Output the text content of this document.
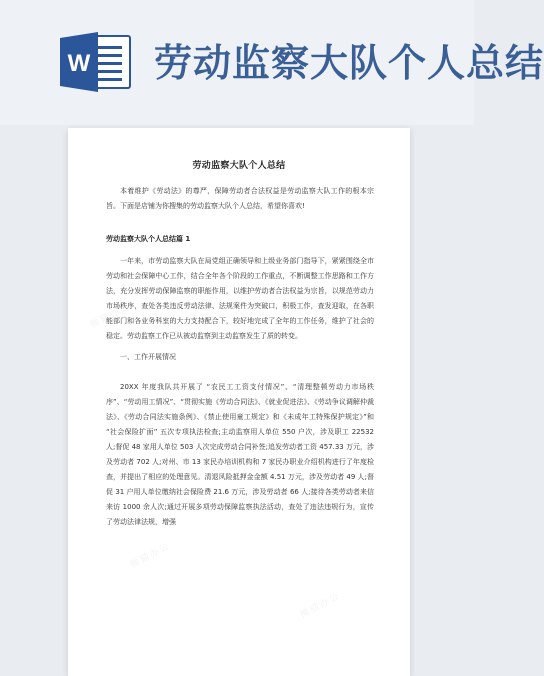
W 劳动监察大队个人总结
熊猫办公
熊猫办公
熊猫办公
熊猫办公
劳动监察大队个人总结
本着维护《劳动法》的尊严，保障劳动者合法权益是劳动监察大队工作的根本宗旨。下面是店铺为你搜集的劳动监察大队个人总结，希望你喜欢!
劳动监察大队个人总结篇 1
一年来，市劳动监察大队在局党组正确领导和上级业务部门指导下，紧紧围绕全市劳动和社会保障中心工作，结合全年各个阶段的工作重点，不断调整工作思路和工作方法，充分发挥劳动保障监察的职能作用，以维护劳动者合法权益为宗旨，以规范劳动力市场秩序，查处各类违反劳动法律、法规案件为突破口，积极工作，查发迎取，在各职能部门和各业务科室的大力支持配合下，较好地完成了全年的工作任务，维护了社会的稳定。劳动监察工作已从被动监察到主动监察发生了质的转变。
一、工作开展情况
20XX 年度我队共开展了 “农民工工资支付情况”、“清理整顿劳动力市场秩序”、“劳动用工情况”、“贯彻实施《劳动合同法》、《就业促进法》、《劳动争议调解仲裁法》、《劳动合同法实施条例》、《禁止使用童工规定》和《未成年工特殊保护规定》”和 “社会保险扩面” 五次专项执法检查;主动监察用人单位 550 户次，涉及职工 22532 人;督促 48 家用人单位 503 人次完成劳动合同补签;追发劳动者工资 457.33 万元，涉及劳动者 702 人;对州、市 13 家民办培训机构和 7 家民办职业介绍机构进行了年度检查，并提出了相应的处理意见。清退风险抵押金金额 4.51 万元，涉及劳动者 49 人;督促 31 户用人单位缴纳社会保险费 21.6 万元，涉及劳动者 66 人;接待各类劳动者来信来访 1000 余人次;通过开展多项劳动保障监察执法活动，查处了违法违规行为，宣传了劳动法律法规，增强
